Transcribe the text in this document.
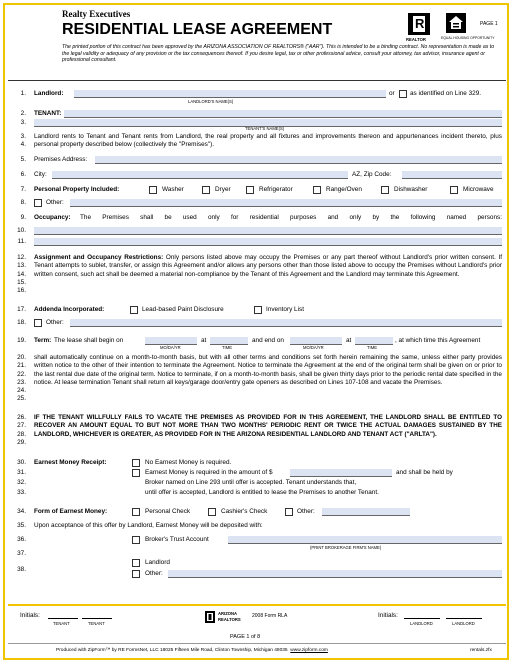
Realty Executives
RESIDENTIAL LEASE AGREEMENT	R
REALTOR	EQUAL HOUSING OPPORTUNITY
PAGE 1
The printed portion of this contract has been approved by the ARIZONA ASSOCIATION OF REALTORS® ("AAR"). This is intended to be a binding contract. No representation is made as to the legal validity or adequacy of any provision or the tax consequences thereof. If you desire legal, tax or other professional advice, consult your attorney, tax advisor, insurance agent or professional consultant.
1. Landlord:	or as identified on Line 329.
LANDLORD'S NAME(S)
2. TENANT:
3.
TENANT'S NAME(S)
3.
4.
Landlord rents to Tenant and Tenant rents from Landlord, the real property and all fixtures and improvements thereon and appurtenances incident thereto, plus personal property described below (collectively the "Premises").
5. Premises Address:
6. City:	AZ, Zip Code:
7. Personal Property Included:	Washer	Dryer	Refrigerator	Range/Oven	Dishwasher	Microwave
8.	Other:
9. Occupancy: The Premises shall be used only for residential purposes and only by the following named persons:
10.
11.
12.
13.
14.
15.
16.
Assignment and Occupancy Restrictions: Only persons listed above may occupy the Premises or any part thereof without Landlord's prior written consent. If Tenant attempts to sublet, transfer, or assign this Agreement and/or allows any persons other than those listed above to occupy the Premises without Landlord's prior written consent, such act shall be deemed a material non-compliance by the Tenant of this Agreement and the Landlord may terminate this Agreement.
17. Addenda Incorporated:	Lead-based Paint Disclosure	Inventory List
18.	Other:
19. Term: The lease shall begin on
MO/DA/YR
at
TIME
and end on
MO/DA/YR
at
TIME
, at which time this Agreement
20.
21.
22.
23.
24.
25.
shall automatically continue on a month-to-month basis, but with all other terms and conditions set forth herein remaining the same, unless either party provides written notice to the other of their intention to terminate the Agreement. Notice to terminate the Agreement at the end of the original term shall be given on or prior to the last rental due date of the original term. Notice to terminate, if on a month-to-month basis, shall be given thirty days prior to the periodic rental date specified in the notice. At lease termination Tenant shall return all keys/garage door/entry gate openers as described on Lines 107-108 and vacate the Premises.
26.
27.
28.
29.
IF THE TENANT WILLFULLY FAILS TO VACATE THE PREMISES AS PROVIDED FOR IN THIS AGREEMENT, THE LANDLORD SHALL BE ENTITLED TO RECOVER AN AMOUNT EQUAL TO BUT NOT MORE THAN TWO MONTHS' PERIODIC RENT OR TWICE THE ACTUAL DAMAGES SUSTAINED BY THE LANDLORD, WHICHEVER IS GREATER, AS PROVIDED FOR IN THE ARIZONA RESIDENTIAL LANDLORD AND TENANT ACT ("ARLTA").
30. Earnest Money Receipt:	No Earnest Money is required.
31.	Earnest Money is required in the amount of $	and shall be held by
32.	Broker named on Line 293 until offer is accepted. Tenant understands that,
33.	until offer is accepted, Landlord is entitled to lease the Premises to another Tenant.
34. Form of Earnest Money:	Personal Check	Cashier's Check	Other:
35. Upon acceptance of this offer by Landlord, Earnest Money will be deposited with:
36.	Broker's Trust Account
(PRINT BROKERAGE FIRM'S NAME)
37.
38.
Landlord
Other:
Initials:
TENANT	TENANT
ARIZONA
REALTORS
2008 Form RLA	Initials:
LANDLORD	LANDLORD
PAGE 1 of 8
Produced with ZipForm™ by RE FormsNet, LLC 18025 Fifteen Mile Road, Clinton Township, Michigan 48035 www.zipform.com	rentals.zfx
